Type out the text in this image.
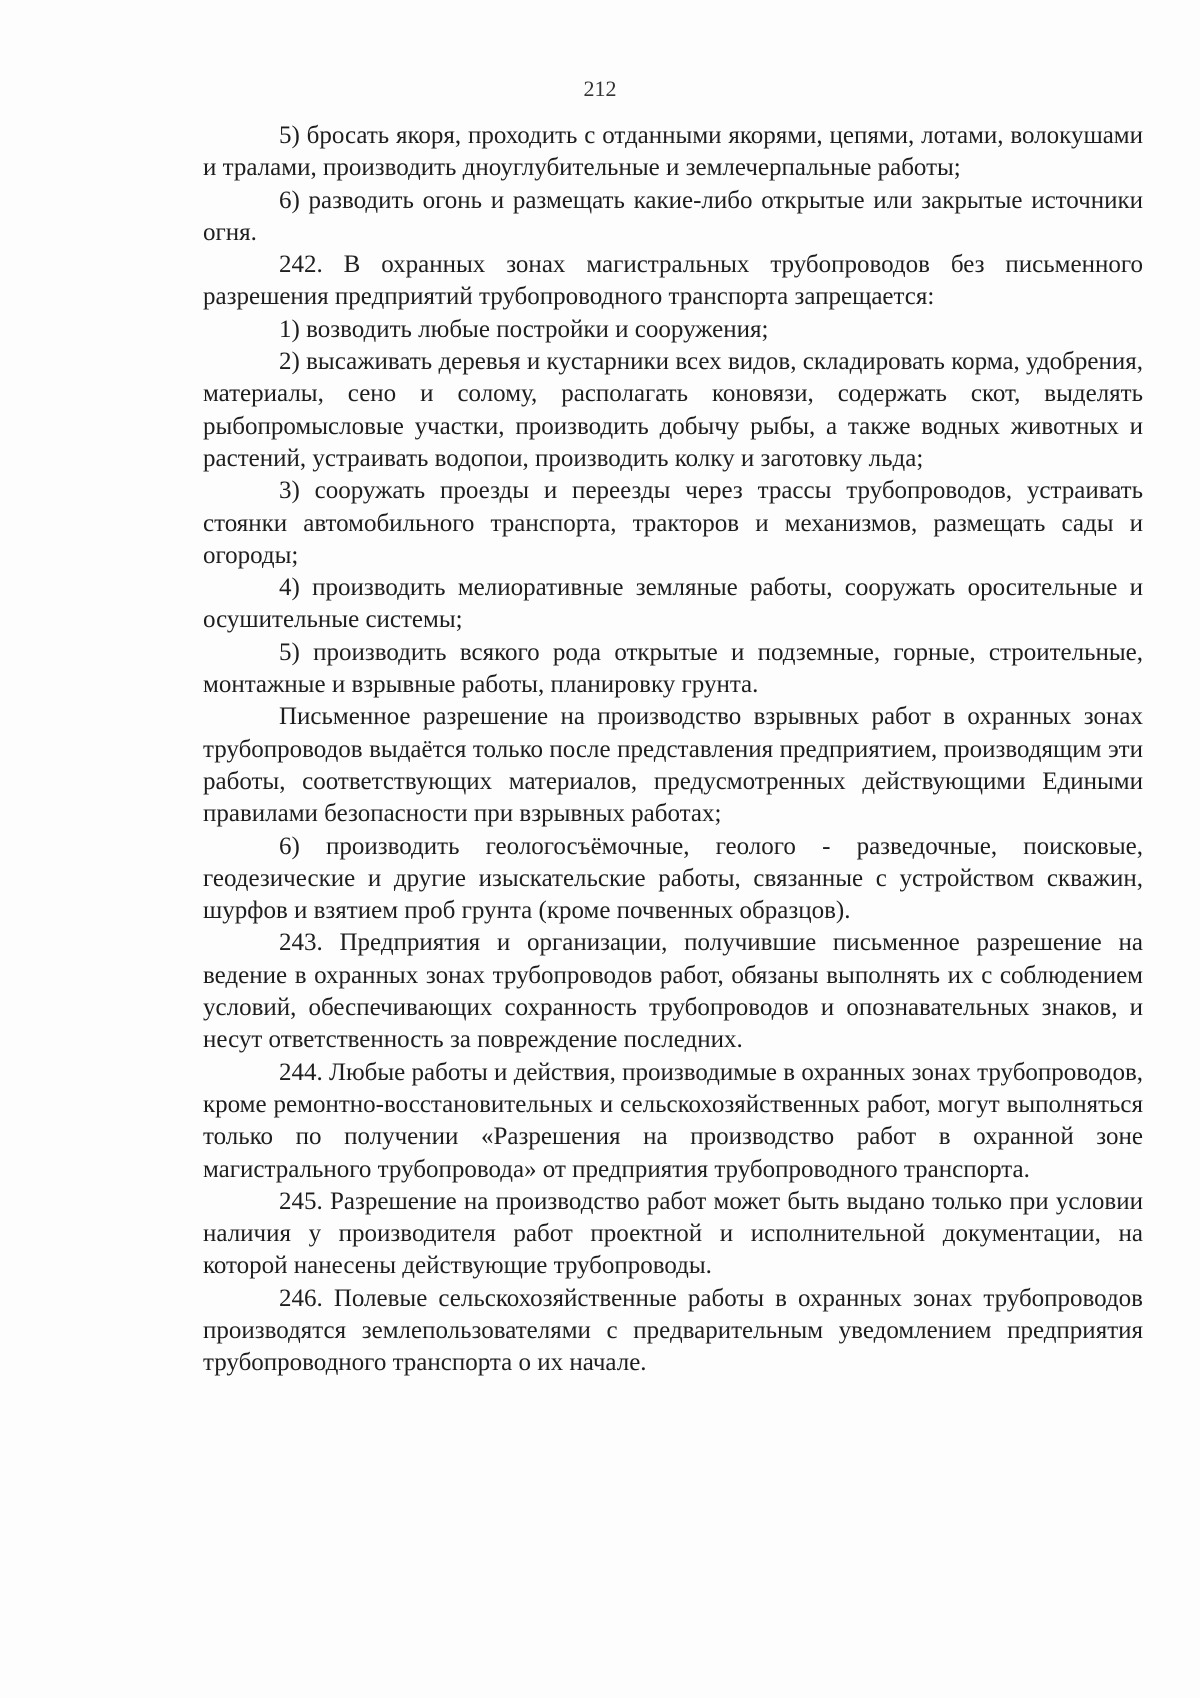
212

5) бросать якоря, проходить с отданными якорями, цепями, лотами, волокушами и тралами, производить дноуглубительные и землечерпальные работы;

6) разводить огонь и размещать какие-либо открытые или закрытые источники огня.

242. В охранных зонах магистральных трубопроводов без письменного разрешения предприятий трубопроводного транспорта запрещается:

1) возводить любые постройки и сооружения;

2) высаживать деревья и кустарники всех видов, складировать корма, удобрения, материалы, сено и солому, располагать коновязи, содержать скот, выделять рыбопромысловые участки, производить добычу рыбы, а также водных животных и растений, устраивать водопои, производить колку и заготовку льда;

3) сооружать проезды и переезды через трассы трубопроводов, устраивать стоянки автомобильного транспорта, тракторов и механизмов, размещать сады и огороды;

4) производить мелиоративные земляные работы, сооружать оросительные и осушительные системы;

5) производить всякого рода открытые и подземные, горные, строительные, монтажные и взрывные работы, планировку грунта.

Письменное разрешение на производство взрывных работ в охранных зонах трубопроводов выдаётся только после представления предприятием, производящим эти работы, соответствующих материалов, предусмотренных действующими Едиными правилами безопасности при взрывных работах;

6) производить геологосъёмочные, геолого - разведочные, поисковые, геодезические и другие изыскательские работы, связанные с устройством скважин, шурфов и взятием проб грунта (кроме почвенных образцов).

243. Предприятия и организации, получившие письменное разрешение на ведение в охранных зонах трубопроводов работ, обязаны выполнять их с соблюдением условий, обеспечивающих сохранность трубопроводов и опознавательных знаков, и несут ответственность за повреждение последних.

244. Любые работы и действия, производимые в охранных зонах трубопроводов, кроме ремонтно-восстановительных и сельскохозяйственных работ, могут выполняться только по получении «Разрешения на производство работ в охранной зоне магистрального трубопровода» от предприятия трубопроводного транспорта.

245. Разрешение на производство работ может быть выдано только при условии наличия у производителя работ проектной и исполнительной документации, на которой нанесены действующие трубопроводы.

246. Полевые сельскохозяйственные работы в охранных зонах трубопроводов производятся землепользователями с предварительным уведомлением предприятия трубопроводного транспорта о их начале.
